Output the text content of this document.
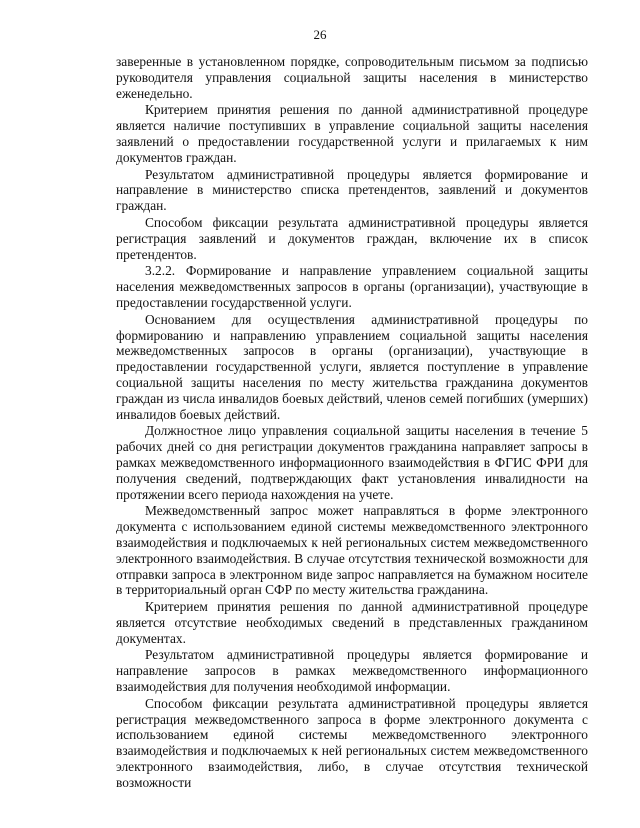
26

заверенные в установленном порядке, сопроводительным письмом за подписью руководителя управления социальной защиты населения в министерство еженедельно.

Критерием принятия решения по данной административной процедуре является наличие поступивших в управление социальной защиты населения заявлений о предоставлении государственной услуги и прилагаемых к ним документов граждан.

Результатом административной процедуры является формирование и направление в министерство списка претендентов, заявлений и документов граждан.

Способом фиксации результата административной процедуры является регистрация заявлений и документов граждан, включение их в список претендентов.

3.2.2. Формирование и направление управлением социальной защиты населения межведомственных запросов в органы (организации), участвующие в предоставлении государственной услуги.

Основанием для осуществления административной процедуры по формированию и направлению управлением социальной защиты населения межведомственных запросов в органы (организации), участвующие в предоставлении государственной услуги, является поступление в управление социальной защиты населения по месту жительства гражданина документов граждан из числа инвалидов боевых действий, членов семей погибших (умерших) инвалидов боевых действий.

Должностное лицо управления социальной защиты населения в течение 5 рабочих дней со дня регистрации документов гражданина направляет запросы в рамках межведомственного информационного взаимодействия в ФГИС ФРИ для получения сведений, подтверждающих факт установления инвалидности на протяжении всего периода нахождения на учете.

Межведомственный запрос может направляться в форме электронного документа с использованием единой системы межведомственного электронного взаимодействия и подключаемых к ней региональных систем межведомственного электронного взаимодействия. В случае отсутствия технической возможности для отправки запроса в электронном виде запрос направляется на бумажном носителе в территориальный орган СФР по месту жительства гражданина.

Критерием принятия решения по данной административной процедуре является отсутствие необходимых сведений в представленных гражданином документах.

Результатом административной процедуры является формирование и направление запросов в рамках межведомственного информационного взаимодействия для получения необходимой информации.

Способом фиксации результата административной процедуры является регистрация межведомственного запроса в форме электронного документа с использованием единой системы межведомственного электронного взаимодействия и подключаемых к ней региональных систем межведомственного электронного взаимодействия, либо, в случае отсутствия технической возможности
